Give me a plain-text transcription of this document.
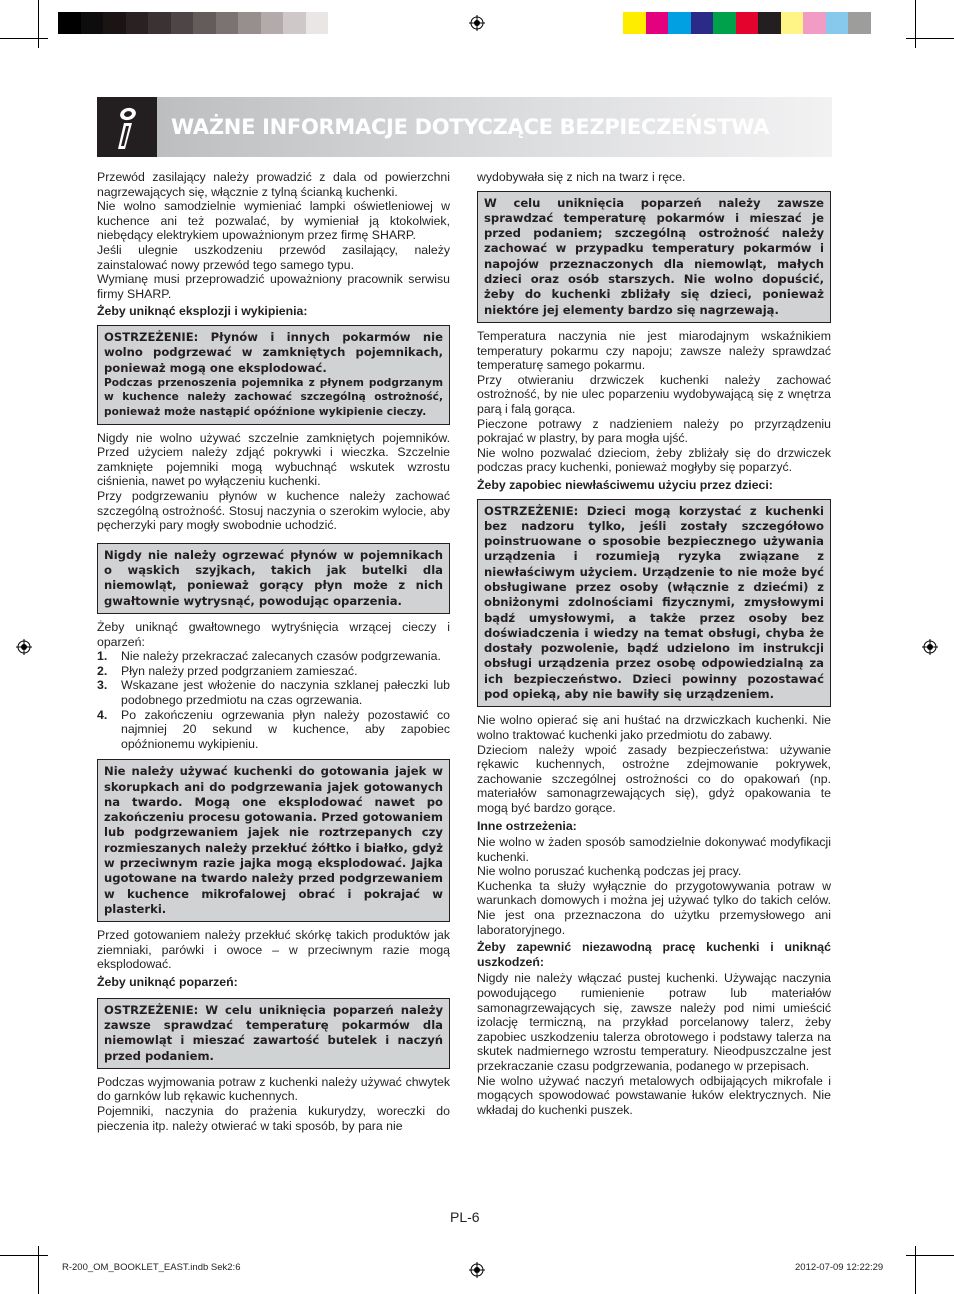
WAŻNE INFORMACJE DOTYCZĄCE BEZPIECZEŃSTWA

Przewód zasilający należy prowadzić z dala od powierzchni nagrzewających się, włącznie z tylną ścianką kuchenki.

Nie wolno samodzielnie wymieniać lampki oświetleniowej w kuchence ani też pozwalać, by wymieniał ją ktokolwiek, niebędący elektrykiem upoważnionym przez firmę SHARP.

Jeśli ulegnie uszkodzeniu przewód zasilający, należy zainstalować nowy przewód tego samego typu.

Wymianę musi przeprowadzić upoważniony pracownik serwisu firmy SHARP.

Żeby uniknąć eksplozji i wykipienia:

OSTRZEŻENIE: Płynów i innych pokarmów nie wolno podgrzewać w zamkniętych pojemnikach, ponieważ mogą one eksplodować.

Podczas przenoszenia pojemnika z płynem podgrzanym w kuchence należy zachować szczególną ostrożność, ponieważ może nastąpić opóźnione wykipienie cieczy.

Nigdy nie wolno używać szczelnie zamkniętych pojemników. Przed użyciem należy zdjąć pokrywki i wieczka. Szczelnie zamknięte pojemniki mogą wybuchnąć wskutek wzrostu ciśnienia, nawet po wyłączeniu kuchenki.

Przy podgrzewaniu płynów w kuchence należy zachować szczególną ostrożność. Stosuj naczynia o szerokim wylocie, aby pęcherzyki pary mogły swobodnie uchodzić.

Nigdy nie należy ogrzewać płynów w pojemnikach o wąskich szyjkach, takich jak butelki dla niemowląt, ponieważ gorący płyn może z nich gwałtownie wytrysnąć, powodując oparzenia.

Żeby uniknąć gwałtownego wytryśnięcia wrzącej cieczy i oparzeń:

1.	Nie należy przekraczać zalecanych czasów podgrzewania.
2.	Płyn należy przed podgrzaniem zamieszać.
3.	Wskazane jest włożenie do naczynia szklanej pałeczki lub podobnego przedmiotu na czas ogrzewania.
4.	Po zakończeniu ogrzewania płyn należy pozostawić co najmniej 20 sekund w kuchence, aby zapobiec opóźnionemu wykipieniu.

Nie należy używać kuchenki do gotowania jajek w skorupkach ani do podgrzewania jajek gotowanych na twardo. Mogą one eksplodować nawet po zakończeniu procesu gotowania. Przed gotowaniem lub podgrzewaniem jajek nie roztrzepanych czy rozmieszanych należy przekłuć żółtko i białko, gdyż w przeciwnym razie jajka mogą eksplodować. Jajka ugotowane na twardo należy przed podgrzewaniem w kuchence mikrofalowej obrać i pokrajać w plasterki.

Przed gotowaniem należy przekłuć skórkę takich produktów jak ziemniaki, parówki i owoce – w przeciwnym razie mogą eksplodować.

Żeby uniknąć poparzeń:

OSTRZEŻENIE: W celu uniknięcia poparzeń należy zawsze sprawdzać temperaturę pokarmów dla niemowląt i mieszać zawartość butelek i naczyń przed podaniem.

Podczas wyjmowania potraw z kuchenki należy używać chwytek do garnków lub rękawic kuchennych.

Pojemniki, naczynia do prażenia kukurydzy, woreczki do pieczenia itp. należy otwierać w taki sposób, by para nie

wydobywała się z nich na twarz i ręce.

W celu uniknięcia poparzeń należy zawsze sprawdzać temperaturę pokarmów i mieszać je przed podaniem; szczególną ostrożność należy zachować w przypadku temperatury pokarmów i napojów przeznaczonych dla niemowląt, małych dzieci oraz osób starszych. Nie wolno dopuścić, żeby do kuchenki zbliżały się dzieci, ponieważ niektóre jej elementy bardzo się nagrzewają.

Temperatura naczynia nie jest miarodajnym wskaźnikiem temperatury pokarmu czy napoju; zawsze należy sprawdzać temperaturę samego pokarmu.

Przy otwieraniu drzwiczek kuchenki należy zachować ostrożność, by nie ulec poparzeniu wydobywającą się z wnętrza parą i falą gorąca.

Pieczone potrawy z nadzieniem należy po przyrządzeniu pokrajać w plastry, by para mogła ujść.

Nie wolno pozwalać dzieciom, żeby zbliżały się do drzwiczek podczas pracy kuchenki, ponieważ mogłyby się poparzyć.

Żeby zapobiec niewłaściwemu użyciu przez dzieci:

OSTRZEŻENIE: Dzieci mogą korzystać z kuchenki bez nadzoru tylko, jeśli zostały szczegółowo poinstruowane o sposobie bezpiecznego używania urządzenia i rozumieją ryzyka związane z niewłaściwym użyciem. Urządzenie to nie może być obsługiwane przez osoby (włącznie z dziećmi) z obniżonymi zdolnościami fizycznymi, zmysłowymi bądź umysłowymi, a także przez osoby bez doświadczenia i wiedzy na temat obsługi, chyba że dostały pozwolenie, bądź udzielono im instrukcji obsługi urządzenia przez osobę odpowiedzialną za ich bezpieczeństwo. Dzieci powinny pozostawać pod opieką, aby nie bawiły się urządzeniem.

Nie wolno opierać się ani huśtać na drzwiczkach kuchenki. Nie wolno traktować kuchenki jako przedmiotu do zabawy.

Dzieciom należy wpoić zasady bezpieczeństwa: używanie rękawic kuchennych, ostrożne zdejmowanie pokrywek, zachowanie szczególnej ostrożności co do opakowań (np. materiałów samonagrzewających się), gdyż opakowania te mogą być bardzo gorące.

Inne ostrzeżenia:

Nie wolno w żaden sposób samodzielnie dokonywać modyfikacji kuchenki.

Nie wolno poruszać kuchenką podczas jej pracy.

Kuchenka ta służy wyłącznie do przygotowywania potraw w warunkach domowych i można jej używać tylko do takich celów. Nie jest ona przeznaczona do użytku przemysłowego ani laboratoryjnego.

Żeby zapewnić niezawodną pracę kuchenki i uniknąć uszkodzeń:

Nigdy nie należy włączać pustej kuchenki. Używając naczynia powodującego rumienienie potraw lub materiałów samonagrzewających się, zawsze należy pod nimi umieścić izolację termiczną, na przykład porcelanowy talerz, żeby zapobiec uszkodzeniu talerza obrotowego i podstawy talerza na skutek nadmiernego wzrostu temperatury. Nieodpuszczalne jest przekraczanie czasu podgrzewania, podanego w przepisach.

Nie wolno używać naczyń metalowych odbijających mikrofale i mogących spowodować powstawanie łuków elektrycznych. Nie wkładaj do kuchenki puszek.

PL-6
R-200_OM_BOOKLET_EAST.indb Sek2:6	2012-07-09 12:22:29
